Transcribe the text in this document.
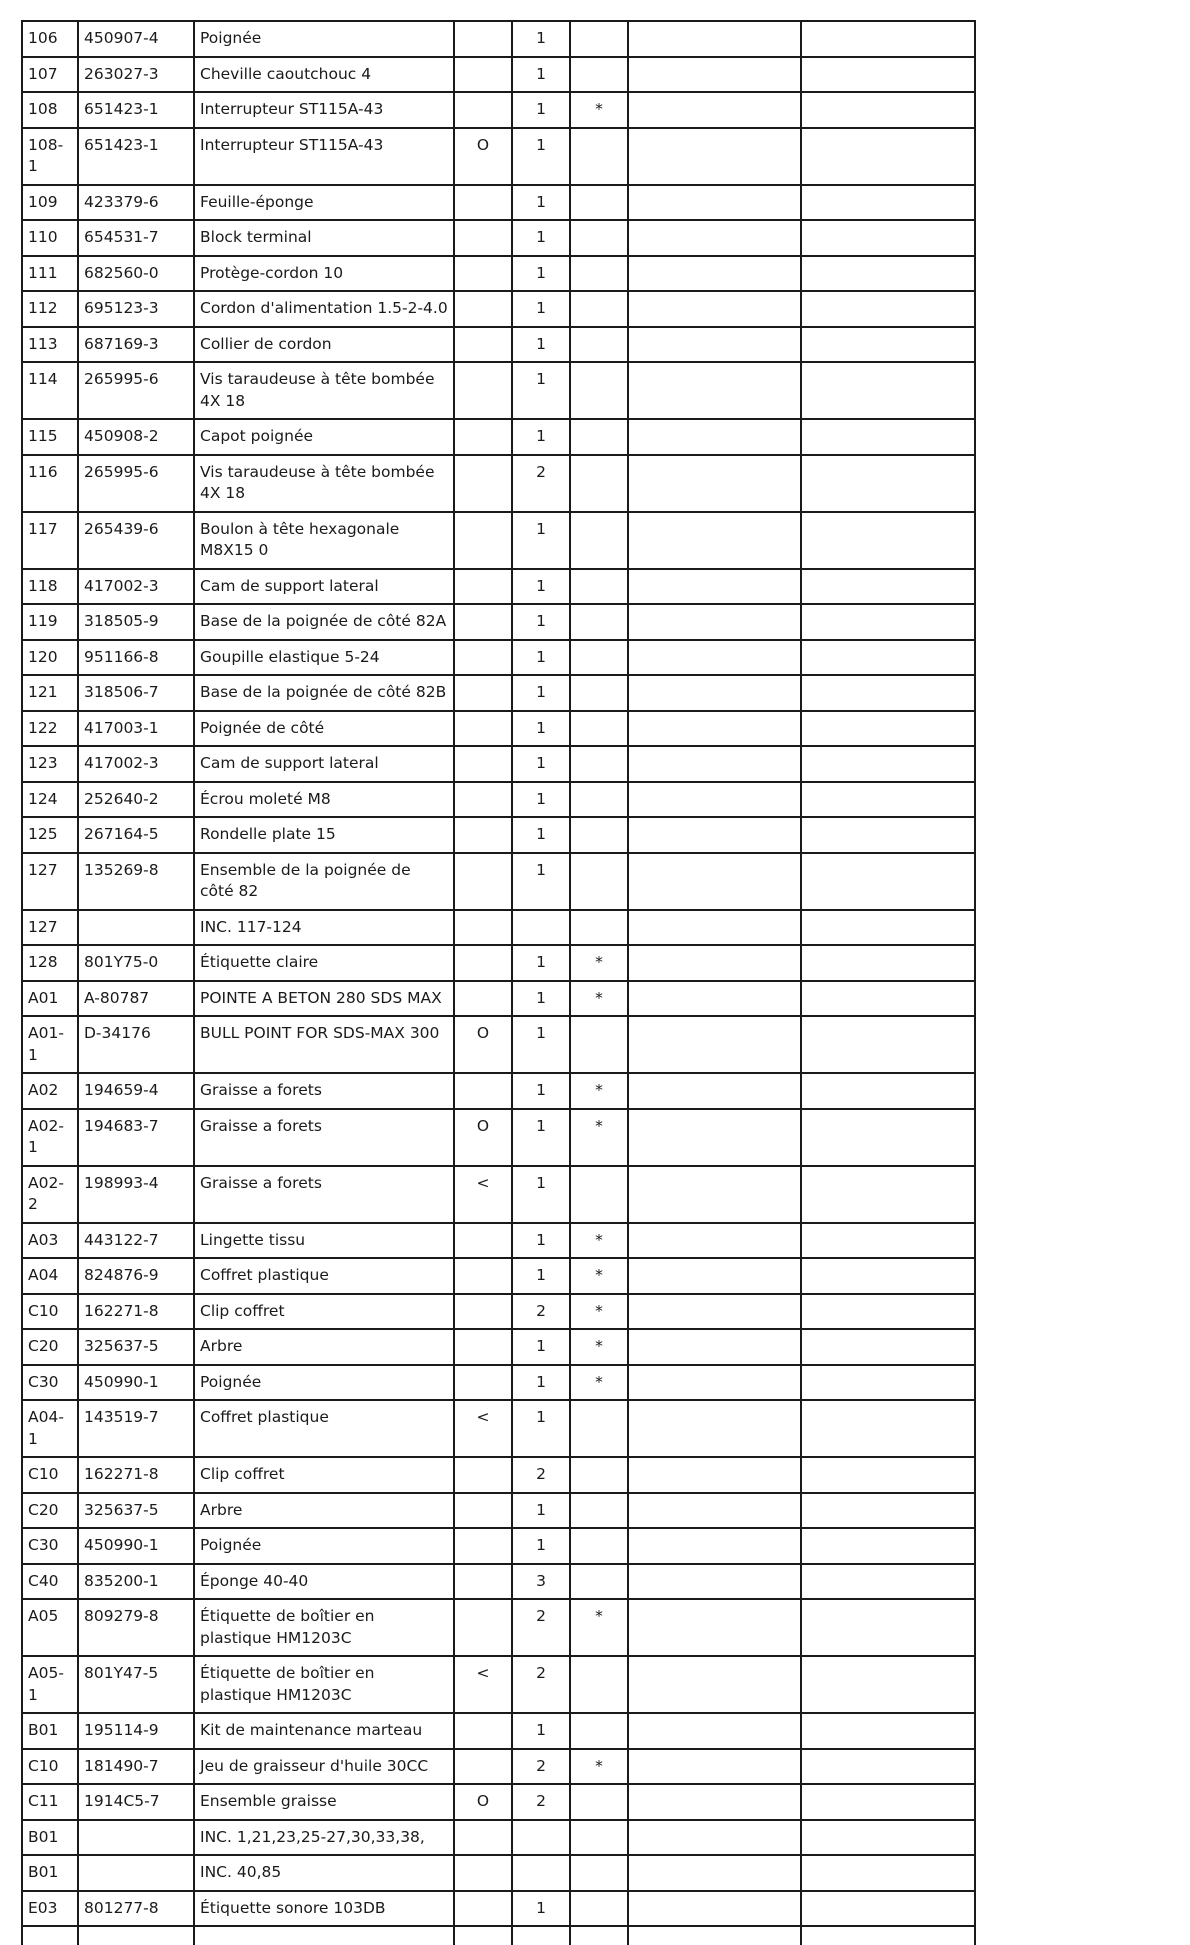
106	450907-4	Poignée		1			
107	263027-3	Cheville caoutchouc 4		1			
108	651423-1	Interrupteur ST115A-43		1	*		
108-1	651423-1	Interrupteur ST115A-43	O	1			
109	423379-6	Feuille-éponge		1			
110	654531-7	Block terminal		1			
111	682560-0	Protège-cordon 10		1			
112	695123-3	Cordon d'alimentation 1.5-2-4.0		1			
113	687169-3	Collier de cordon		1			
114	265995-6	Vis taraudeuse à tête bombée 4X 18		1			
115	450908-2	Capot poignée		1			
116	265995-6	Vis taraudeuse à tête bombée 4X 18		2			
117	265439-6	Boulon à tête hexagonale M8X15 0		1			
118	417002-3	Cam de support lateral		1			
119	318505-9	Base de la poignée de côté 82A		1			
120	951166-8	Goupille elastique 5-24		1			
121	318506-7	Base de la poignée de côté 82B		1			
122	417003-1	Poignée de côté		1			
123	417002-3	Cam de support lateral		1			
124	252640-2	Écrou moleté M8		1			
125	267164-5	Rondelle plate 15		1			
127	135269-8	Ensemble de la poignée de côté 82		1			
127		INC. 117-124					
128	801Y75-0	Étiquette claire		1	*		
A01	A-80787	POINTE A BETON 280 SDS MAX		1	*		
A01-1	D-34176	BULL POINT FOR SDS-MAX 300	O	1			
A02	194659-4	Graisse a forets		1	*		
A02-1	194683-7	Graisse a forets	O	1	*		
A02-2	198993-4	Graisse a forets	<	1			
A03	443122-7	Lingette tissu		1	*		
A04	824876-9	Coffret plastique		1	*		
C10	162271-8	Clip coffret		2	*		
C20	325637-5	Arbre		1	*		
C30	450990-1	Poignée		1	*		
A04-1	143519-7	Coffret plastique	<	1			
C10	162271-8	Clip coffret		2			
C20	325637-5	Arbre		1			
C30	450990-1	Poignée		1			
C40	835200-1	Éponge 40-40		3			
A05	809279-8	Étiquette de boîtier en plastique HM1203C		2	*		
A05-1	801Y47-5	Étiquette de boîtier en plastique HM1203C	<	2			
B01	195114-9	Kit de maintenance marteau		1			
C10	181490-7	Jeu de graisseur d'huile 30CC		2	*		
C11	1914C5-7	Ensemble graisse	O	2			
B01		INC. 1,21,23,25-27,30,33,38,					
B01		INC. 40,85					
E03	801277-8	Étiquette sonore 103DB		1			
